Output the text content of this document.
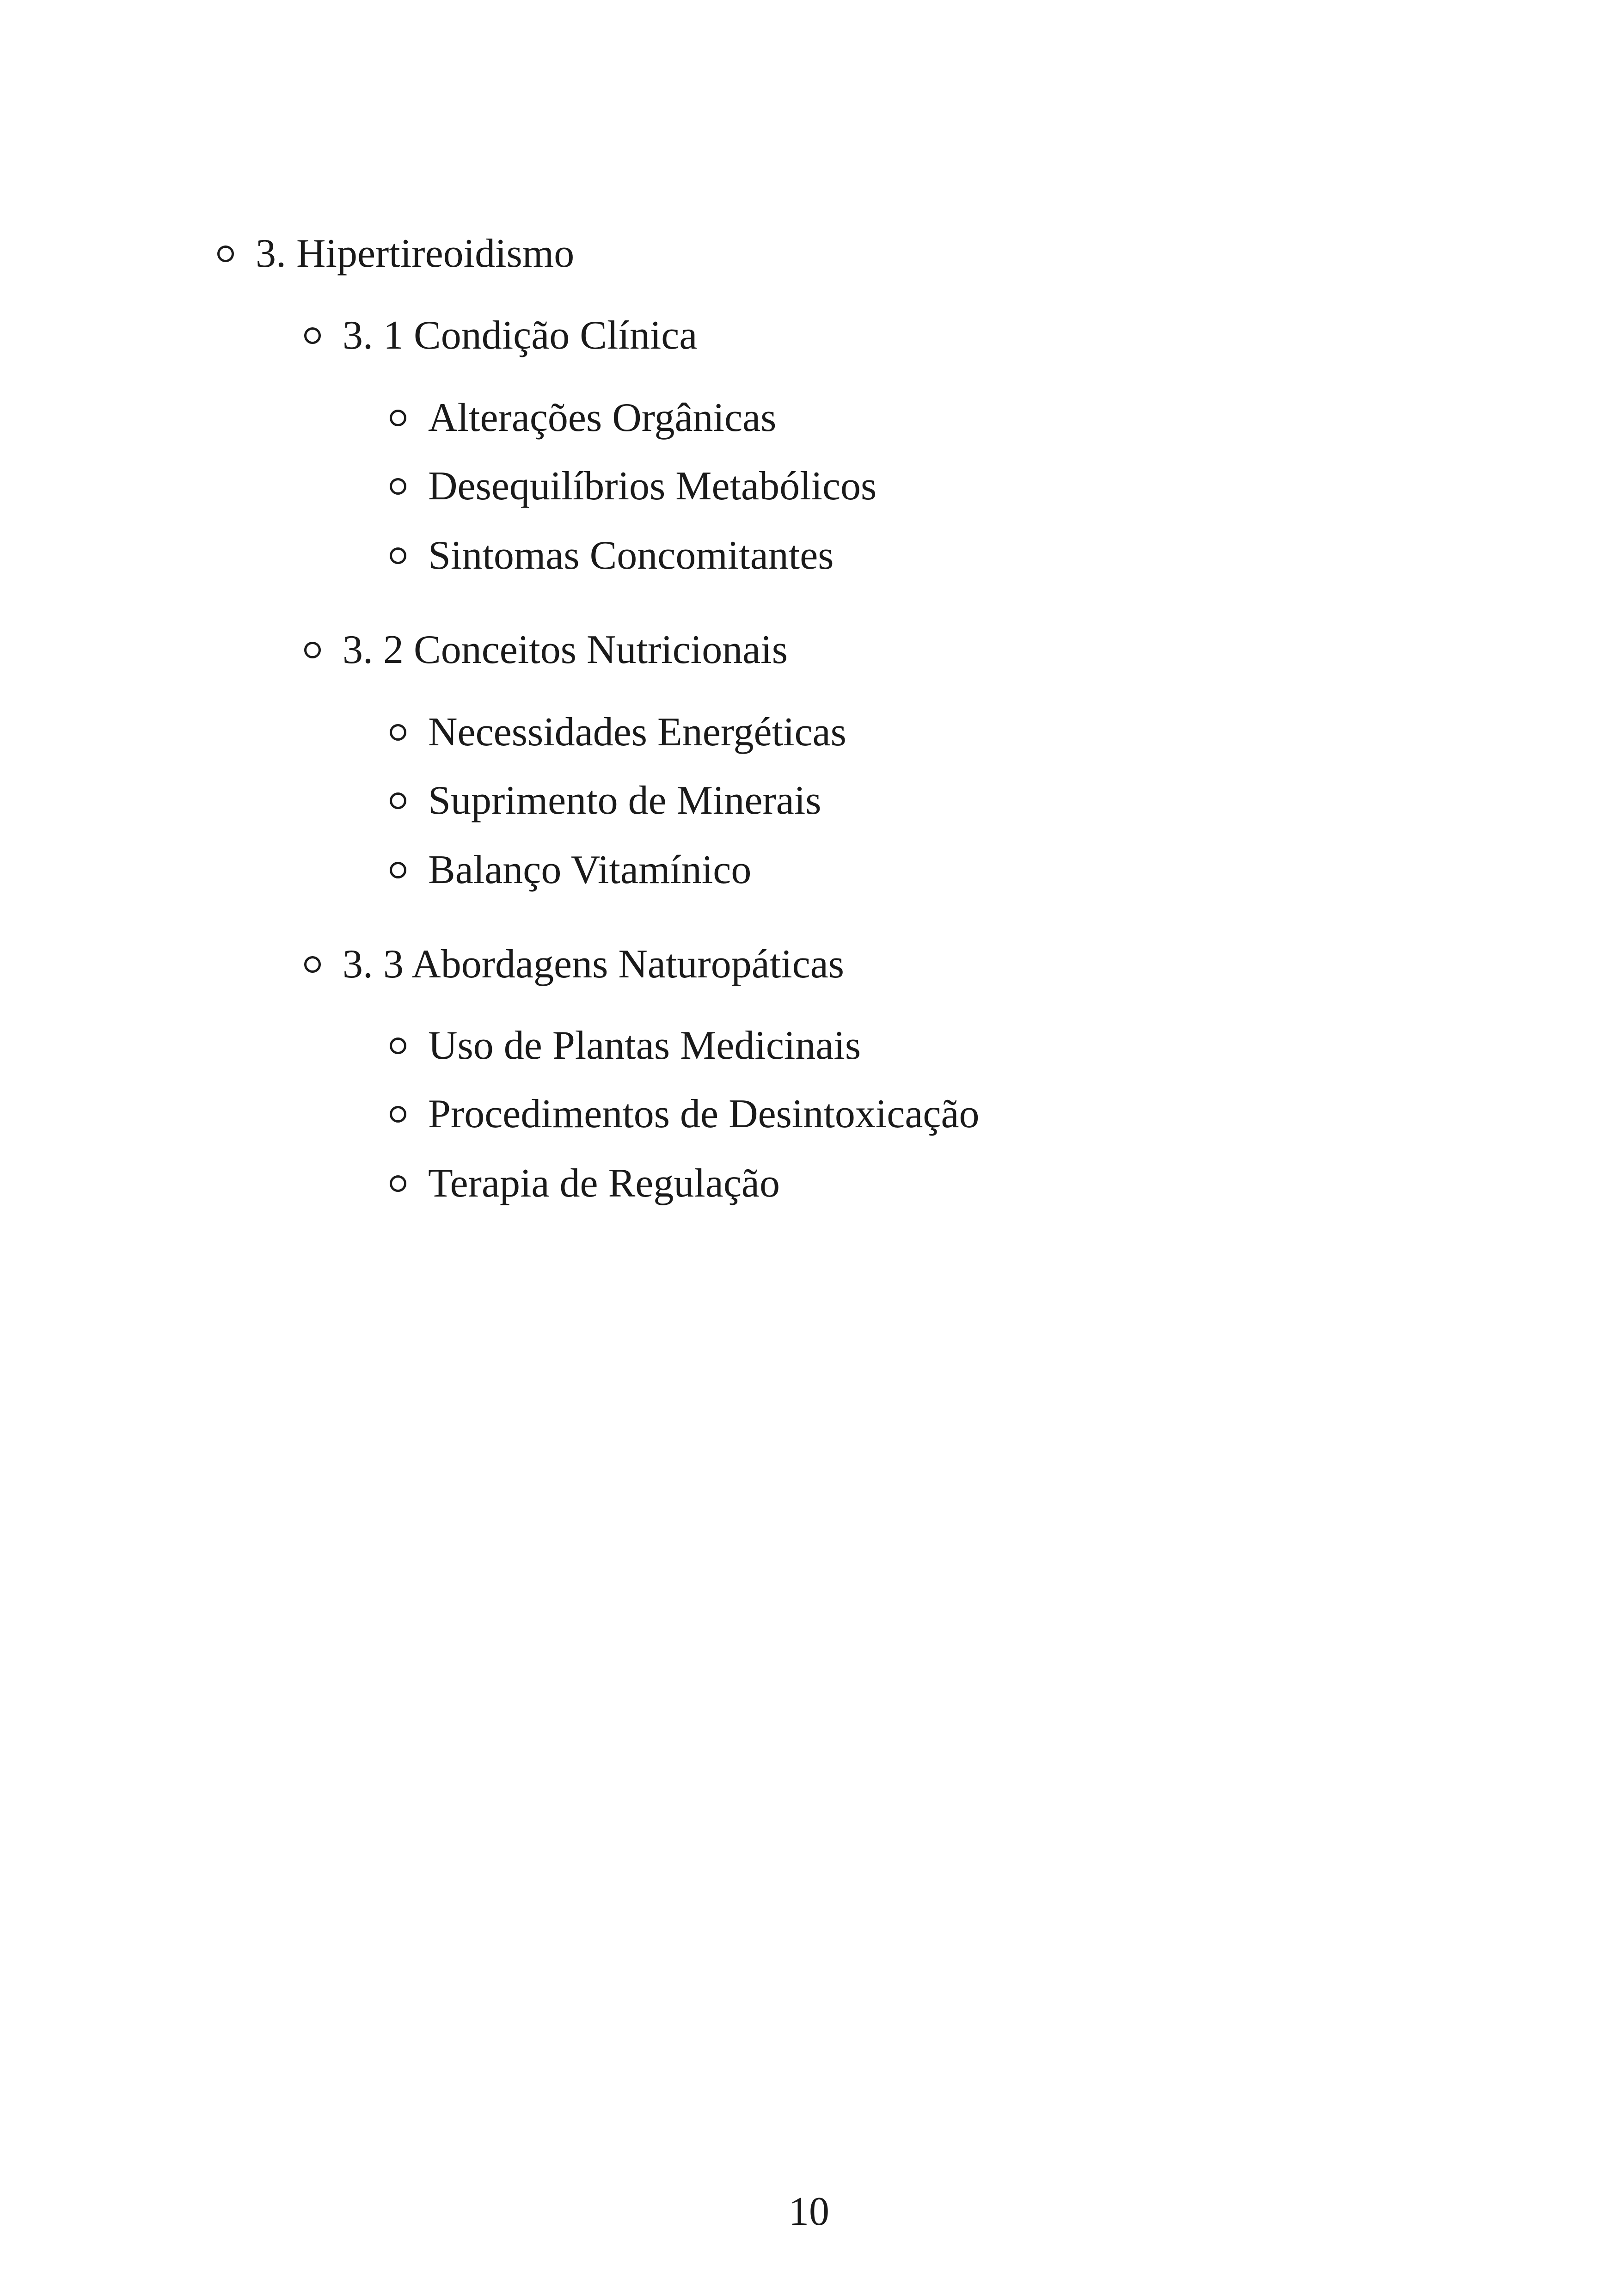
3. Hipertireoidismo
3. 1 Condição Clínica
Alterações Orgânicas
Desequilíbrios Metabólicos
Sintomas Concomitantes
3. 2 Conceitos Nutricionais
Necessidades Energéticas
Suprimento de Minerais
Balanço Vitamínico
3. 3 Abordagens Naturopáticas
Uso de Plantas Medicinais
Procedimentos de Desintoxicação
Terapia de Regulação
10
